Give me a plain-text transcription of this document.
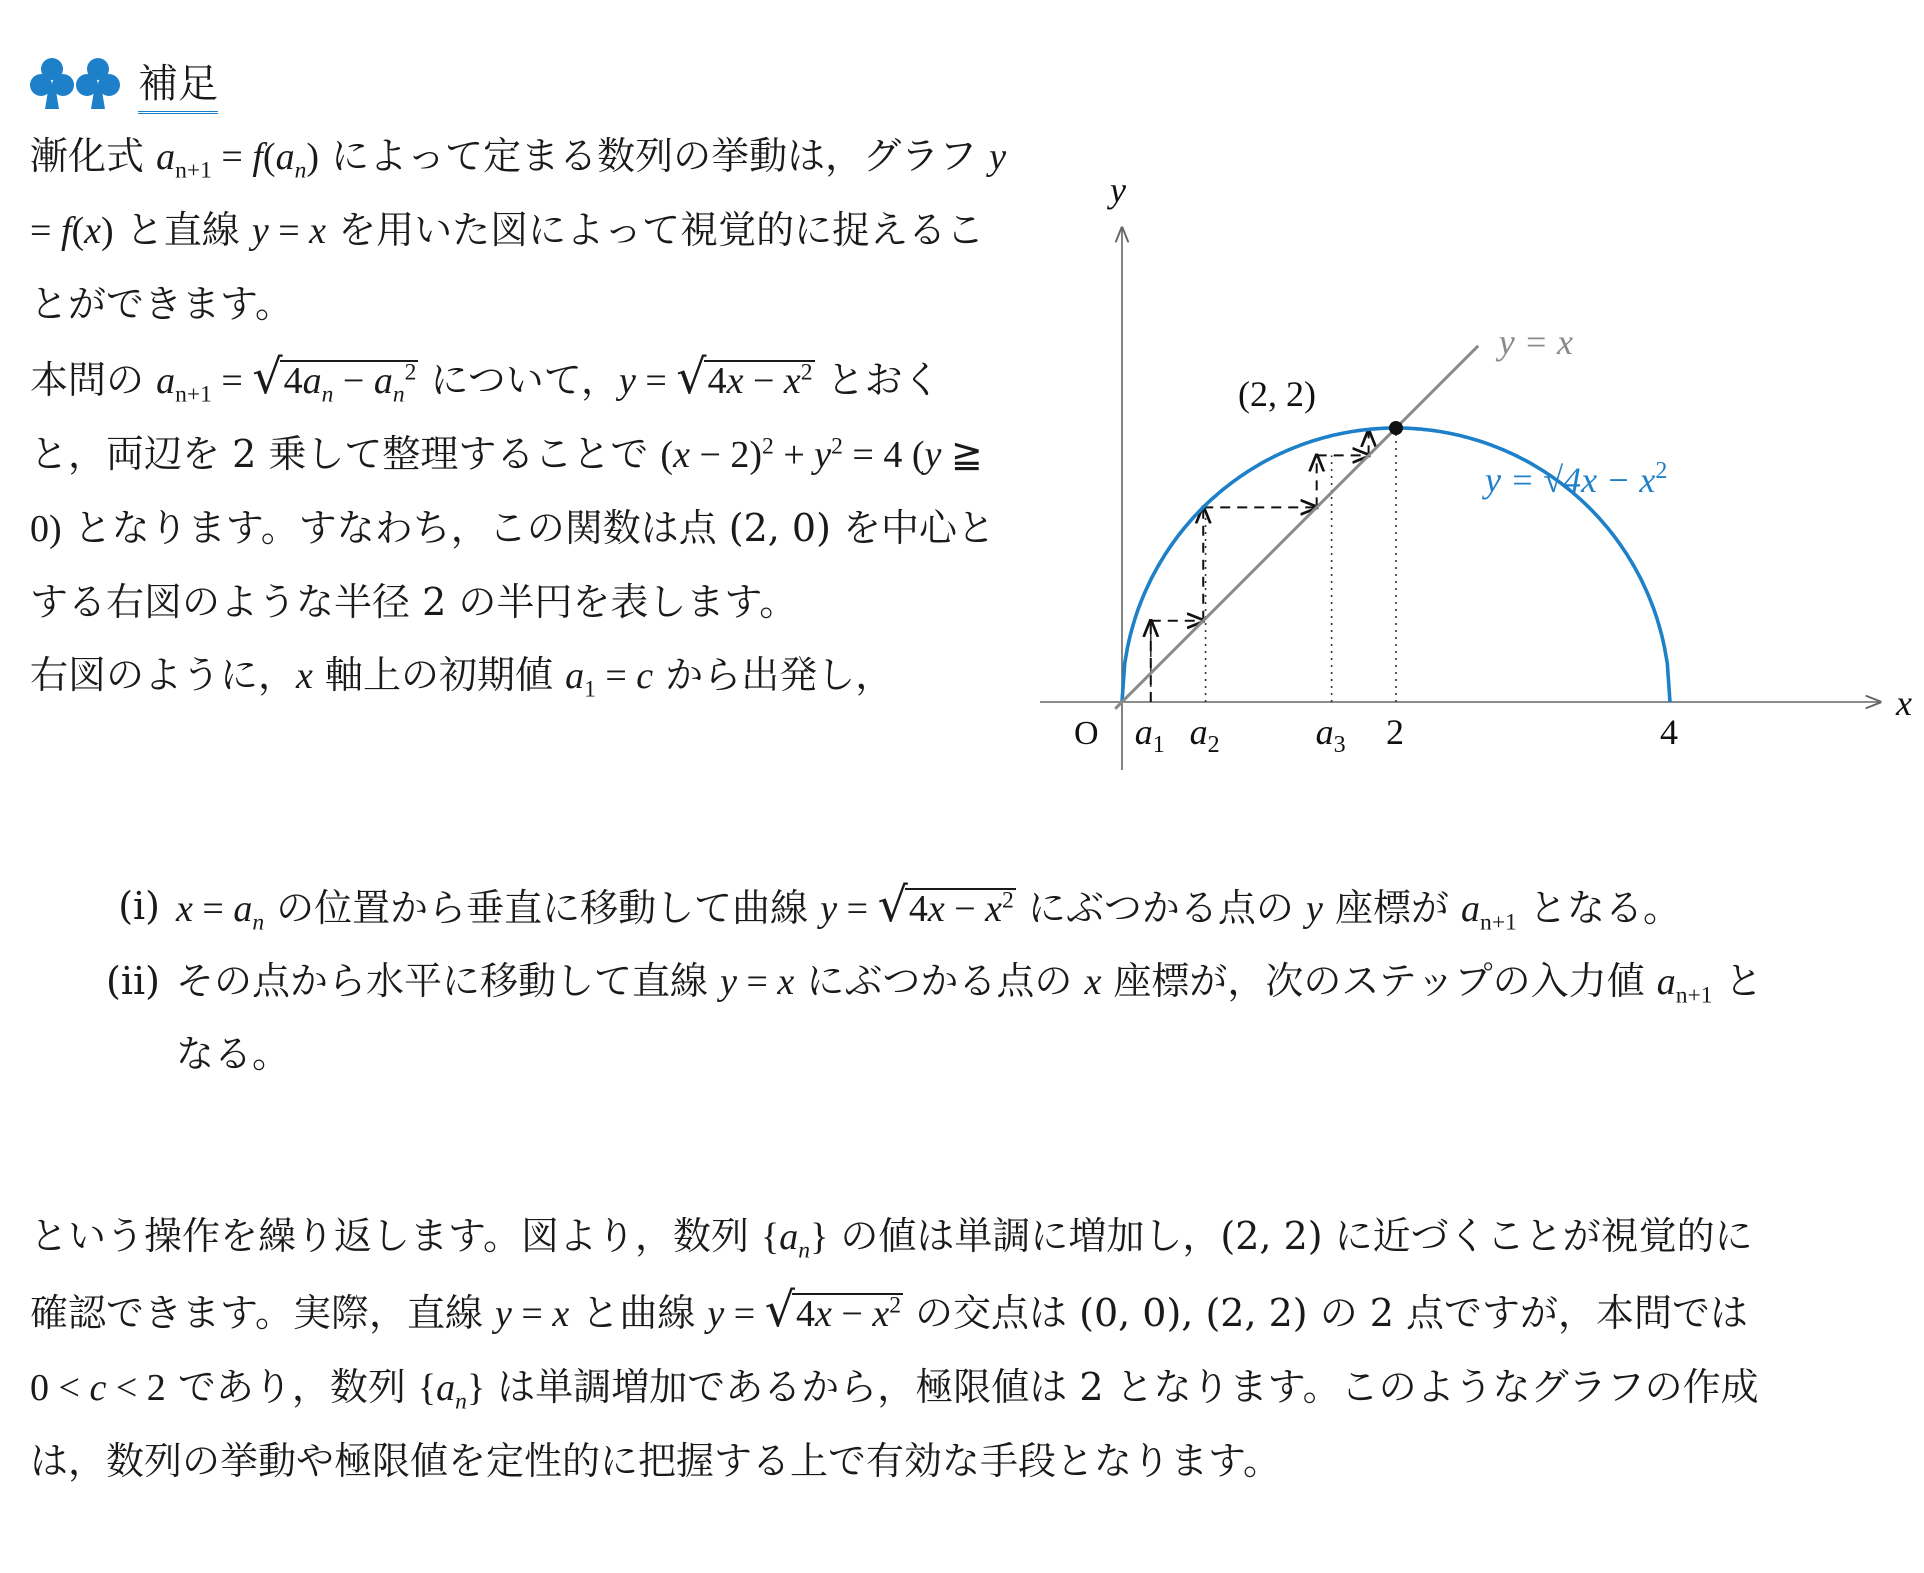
補足

漸化式 $a_{n+1} = f(a_n)$ によって定まる数列の挙動は，グラフ y = f(x) と直線 y = x を用いた図によって視覚的に捉えることができます。

本問の $a_{n+1} = √4a_n - a_n^2$ について，$y = √4x - x^2$ とおくと，両辺を 2 乗して整理することで $(x - 2)^2 + y^2 = 4$ (y ≧ 0) となります。すなわち，この関数は点 (2, 0) を中心とする右図のような半径 2 の半円を表します。

右図のように，x 軸上の初期値 $a_1 = c$ から出発し，

x
y
O
(2, 2)
y = x
$y = √4x - x^2$
$a_1$ $a_2$	$a_3$ 2	4
(i) $x = a_n$ の位置から垂直に移動して曲線 $y = √4x - x^2$ にぶつかる点の y 座標が $a_{n+1}$ となる。
(ii) その点から水平に移動して直線 y = x にぶつかる点の x 座標が，次のステップの入力値 $a_{n+1}$ となる。

という操作を繰り返します。図より，数列 $\{a_n\}$ の値は単調に増加し，(2, 2) に近づくことが視覚的に確認できます。実際，直線 y = x と曲線 $y = √4x - x^2$ の交点は (0, 0), (2, 2) の 2 点ですが，本問では 0 < c < 2 であり，数列 $\{a_n\}$ は単調増加であるから，極限値は 2 となります。このようなグラフの作成は，数列の挙動や極限値を定性的に把握する上で有効な手段となります。
